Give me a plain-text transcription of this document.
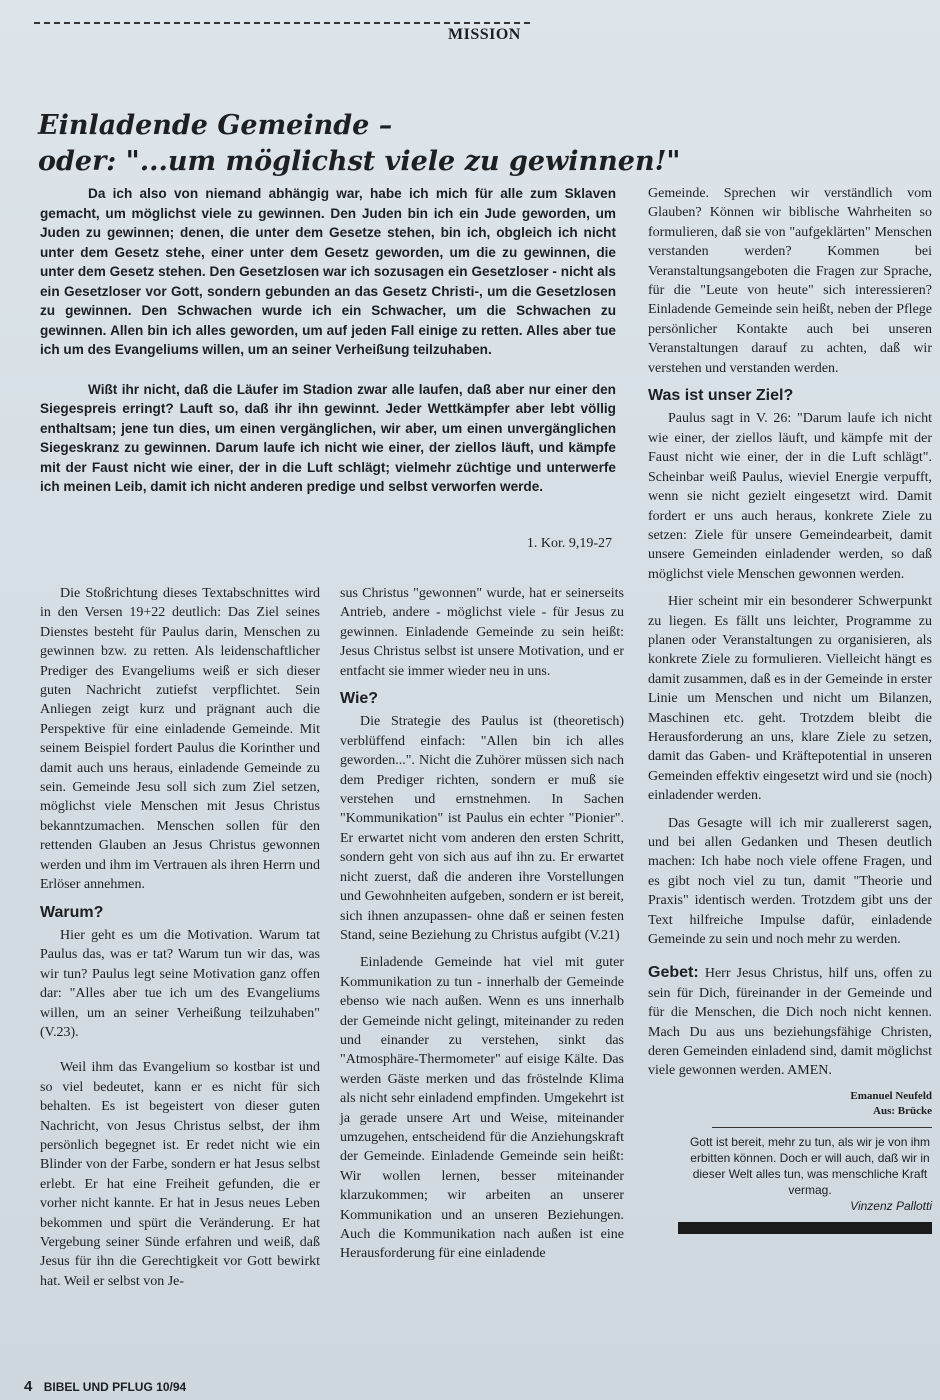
MISSION
Einladende Gemeinde –
oder: "...um möglichst viele zu gewinnen!"

Da ich also von niemand abhängig war, habe ich mich für alle zum Sklaven gemacht, um möglichst viele zu gewinnen. Den Juden bin ich ein Jude geworden, um Juden zu gewinnen; denen, die unter dem Gesetze stehen, bin ich, obgleich ich nicht unter dem Gesetz stehe, einer unter dem Gesetz geworden, um die zu gewinnen, die unter dem Gesetz stehen. Den Gesetzlosen war ich sozusagen ein Gesetzloser - nicht als ein Gesetzloser vor Gott, sondern gebunden an das Gesetz Christi-, um die Gesetzlosen zu gewinnen. Den Schwachen wurde ich ein Schwacher, um die Schwachen zu gewinnen. Allen bin ich alles geworden, um auf jeden Fall einige zu retten. Alles aber tue ich um des Evangeliums willen, um an seiner Verheißung teilzuhaben.

Wißt ihr nicht, daß die Läufer im Stadion zwar alle laufen, daß aber nur einer den Siegespreis erringt? Lauft so, daß ihr ihn gewinnt. Jeder Wettkämpfer aber lebt völlig enthaltsam; jene tun dies, um einen vergänglichen, wir aber, um einen unvergänglichen Siegeskranz zu gewinnen. Darum laufe ich nicht wie einer, der ziellos läuft, und kämpfe mit der Faust nicht wie einer, der in die Luft schlägt; vielmehr züchtige und unterwerfe ich meinen Leib, damit ich nicht anderen predige und selbst verworfen werde.

1. Kor. 9,19-27

Die Stoßrichtung dieses Textabschnittes wird in den Versen 19+22 deutlich: Das Ziel seines Dienstes besteht für Paulus darin, Menschen zu gewinnen bzw. zu retten. Als leidenschaftlicher Prediger des Evangeliums weiß er sich dieser guten Nachricht zutiefst verpflichtet. Sein Anliegen zeigt kurz und prägnant auch die Perspektive für eine einladende Gemeinde. Mit seinem Beispiel fordert Paulus die Korinther und damit auch uns heraus, einladende Gemeinde zu sein. Gemeinde Jesu soll sich zum Ziel setzen, möglichst viele Menschen mit Jesus Christus bekanntzumachen. Menschen sollen für den rettenden Glauben an Jesus Christus gewonnen werden und ihm im Vertrauen als ihren Herrn und Erlöser annehmen.

Warum?

Hier geht es um die Motivation. Warum tat Paulus das, was er tat? Warum tun wir das, was wir tun? Paulus legt seine Motivation ganz offen dar: "Alles aber tue ich um des Evangeliums willen, um an seiner Verheißung teilzuhaben" (V.23).

Weil ihm das Evangelium so kostbar ist und so viel bedeutet, kann er es nicht für sich behalten. Es ist begeistert von dieser guten Nachricht, von Jesus Christus selbst, der ihm persönlich begegnet ist. Er redet nicht wie ein Blinder von der Farbe, sondern er hat Jesus selbst erlebt. Er hat eine Freiheit gefunden, die er vorher nicht kannte. Er hat in Jesus neues Leben bekommen und spürt die Veränderung. Er hat Vergebung seiner Sünde erfahren und weiß, daß Jesus für ihn die Gerechtigkeit vor Gott bewirkt hat. Weil er selbst von Je-

sus Christus "gewonnen" wurde, hat er seinerseits Antrieb, andere - möglichst viele - für Jesus zu gewinnen. Einladende Gemeinde zu sein heißt: Jesus Christus selbst ist unsere Motivation, und er entfacht sie immer wieder neu in uns.

Wie?

Die Strategie des Paulus ist (theoretisch) verblüffend einfach: "Allen bin ich alles geworden...". Nicht die Zuhörer müssen sich nach dem Prediger richten, sondern er muß sie verstehen und ernstnehmen. In Sachen "Kommunikation" ist Paulus ein echter "Pionier". Er erwartet nicht vom anderen den ersten Schritt, sondern geht von sich aus auf ihn zu. Er erwartet nicht zuerst, daß die anderen ihre Vorstellungen und Gewohnheiten aufgeben, sondern er ist bereit, sich ihnen anzupassen- ohne daß er seinen festen Stand, seine Beziehung zu Christus aufgibt (V.21)

Einladende Gemeinde hat viel mit guter Kommunikation zu tun - innerhalb der Gemeinde ebenso wie nach außen. Wenn es uns innerhalb der Gemeinde nicht gelingt, miteinander zu reden und einander zu verstehen, sinkt das "Atmosphäre-Thermometer" auf eisige Kälte. Das werden Gäste merken und das fröstelnde Klima als nicht sehr einladend empfinden. Umgekehrt ist ja gerade unsere Art und Weise, miteinander umzugehen, entscheidend für die Anziehungskraft der Gemeinde. Einladende Gemeinde sein heißt: Wir wollen lernen, besser miteinander klarzukommen; wir arbeiten an unserer Kommunikation und an unseren Beziehungen. Auch die Kommunikation nach außen ist eine Herausforderung für eine einladende

Gemeinde. Sprechen wir verständlich vom Glauben? Können wir biblische Wahrheiten so formulieren, daß sie von "aufgeklärten" Menschen verstanden werden? Kommen bei Veranstaltungsangeboten die Fragen zur Sprache, für die "Leute von heute" sich interessieren? Einladende Gemeinde sein heißt, neben der Pflege persönlicher Kontakte auch bei unseren Veranstaltungen darauf zu achten, daß wir verstehen und verstanden werden.

Was ist unser Ziel?

Paulus sagt in V. 26: "Darum laufe ich nicht wie einer, der ziellos läuft, und kämpfe mit der Faust nicht wie einer, der in die Luft schlägt". Scheinbar weiß Paulus, wieviel Energie verpufft, wenn sie nicht gezielt eingesetzt wird. Damit fordert er uns auch heraus, konkrete Ziele zu setzen: Ziele für unsere Gemeindearbeit, damit unsere Gemeinden einladender werden, so daß möglichst viele Menschen gewonnen werden.

Hier scheint mir ein besonderer Schwerpunkt zu liegen. Es fällt uns leichter, Programme zu planen oder Veranstaltungen zu organisieren, als konkrete Ziele zu formulieren. Vielleicht hängt es damit zusammen, daß es in der Gemeinde in erster Linie um Menschen und nicht um Bilanzen, Maschinen etc. geht. Trotzdem bleibt die Herausforderung an uns, klare Ziele zu setzen, damit das Gaben- und Kräftepotential in unseren Gemeinden effektiv eingesetzt wird und sie (noch) einladender werden.

Das Gesagte will ich mir zuallererst sagen, und bei allen Gedanken und Thesen deutlich machen: Ich habe noch viele offene Fragen, und es gibt noch viel zu tun, damit "Theorie und Praxis" identisch werden. Trotzdem gibt uns der Text hilfreiche Impulse dafür, einladende Gemeinde zu sein und noch mehr zu werden.

Gebet: Herr Jesus Christus, hilf uns, offen zu sein für Dich, füreinander in der Gemeinde und für die Menschen, die Dich noch nicht kennen. Mach Du aus uns beziehungsfähige Christen, deren Gemeinden einladend sind, damit möglichst viele gewonnen werden. AMEN.

Emanuel Neufeld
Aus: Brücke
Gott ist bereit, mehr zu tun, als wir je von ihm erbitten können. Doch er will auch, daß wir in dieser Welt alles tun, was menschliche Kraft vermag.
Vinzenz Pallotti
4 BIBEL UND PFLUG 10/94
